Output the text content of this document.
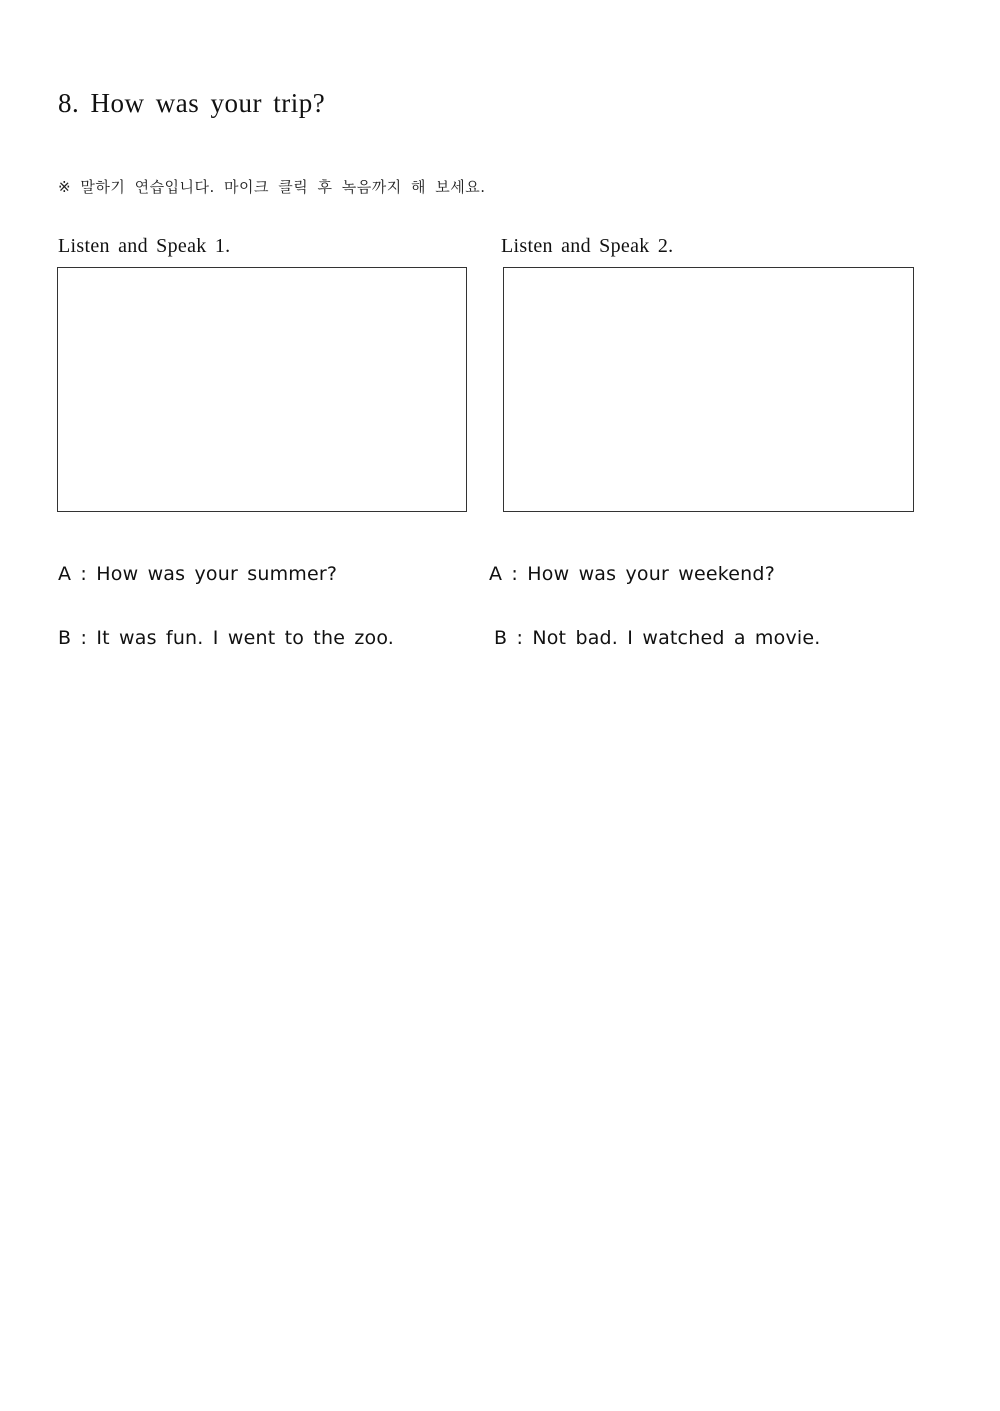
8. How was your trip?
※ 말하기 연습입니다. 마이크 클릭 후 녹음까지 해 보세요.
Listen and Speak 1.	Listen and Speak 2.
A : How was your summer?
B : It was fun. I went to the zoo.
A : How was your weekend?
B : Not bad. I watched a movie.
